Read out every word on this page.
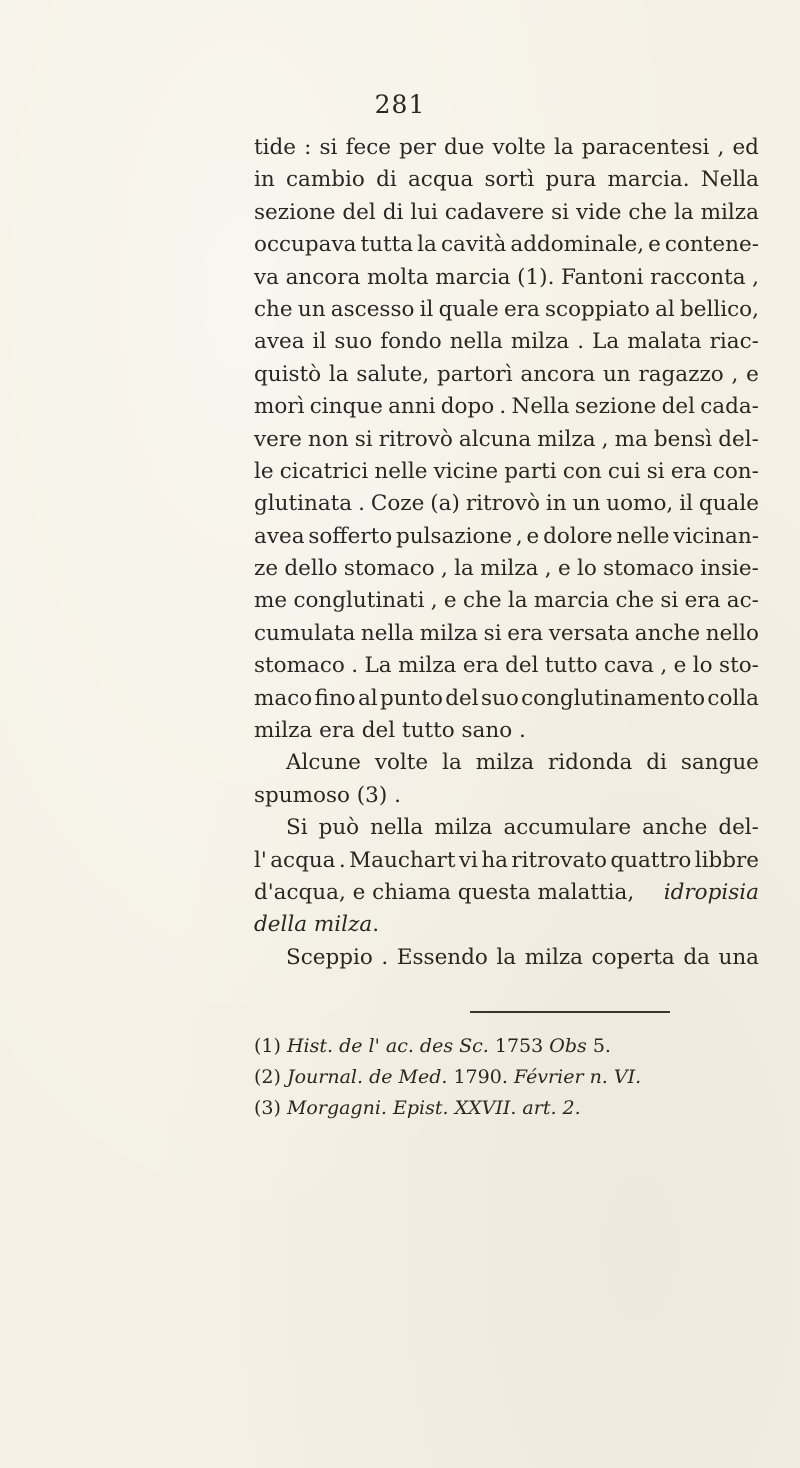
281
tide : si fece per due volte la paracentesi , ed
in cambio di acqua sortì pura marcia. Nella
sezione del di lui cadavere si vide che la milza
occupava tutta la cavità addominale, e contene-
va ancora molta marcia (1). Fantoni racconta ,
che un ascesso il quale era scoppiato al bellico,
avea il suo fondo nella milza . La malata riac-
quistò la salute, partorì ancora un ragazzo , e
morì cinque anni dopo . Nella sezione del cada-
vere non si ritrovò alcuna milza , ma bensì del-
le cicatrici nelle vicine parti con cui si era con-
glutinata . Coze (a) ritrovò in un uomo, il quale
avea sofferto pulsazione , e dolore nelle vicinan-
ze dello stomaco , la milza , e lo stomaco insie-
me conglutinati , e che la marcia che si era ac-
cumulata nella milza si era versata anche nello
stomaco . La milza era del tutto cava , e lo sto-
maco fino al punto del suo conglutinamento colla
milza era del tutto sano .
Alcune volte la milza ridonda di sangue
spumoso (3) .
Si può nella milza accumulare anche del-
l' acqua . Mauchart vi ha ritrovato quattro libbre
d'acqua, e chiama questa malattia, idropisia
della milza .
Sceppio . Essendo la milza coperta da una
(1) Hist. de l' ac. des Sc. 1753 Obs 5.
(2) Journal. de Med. 1790. Février n. VI.
(3) Morgagni. Epist. XXVII. art. 2.
